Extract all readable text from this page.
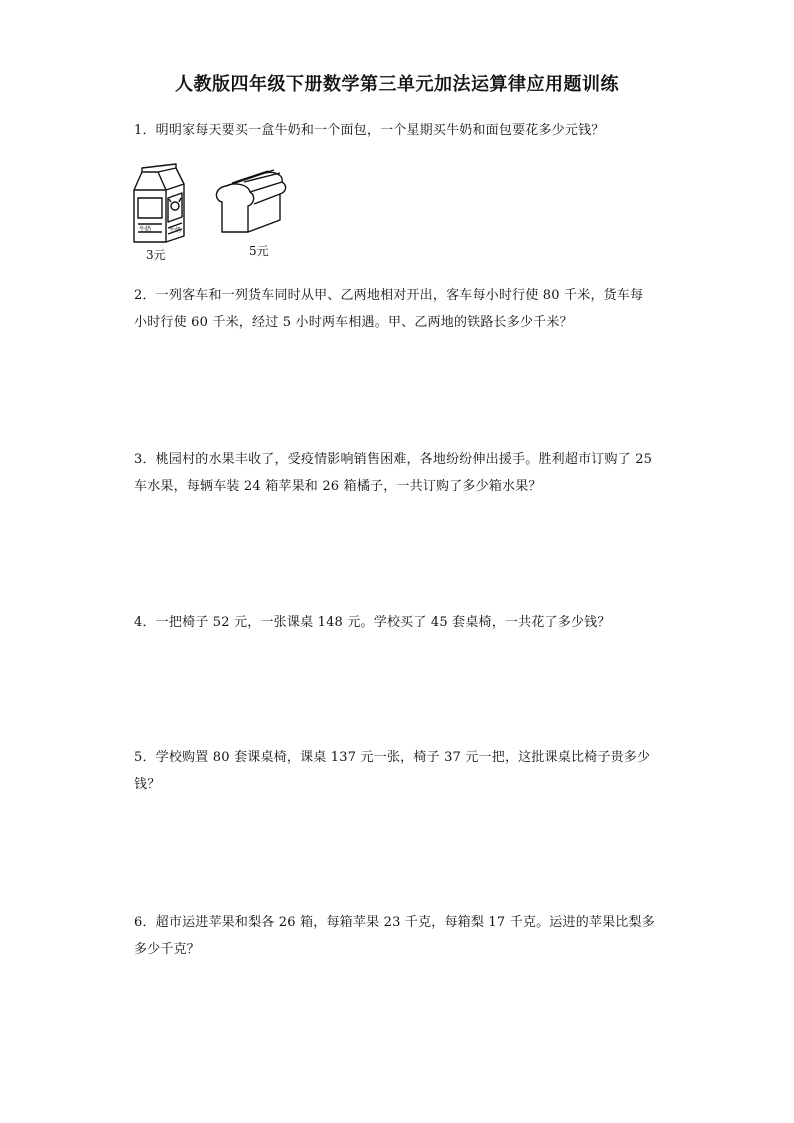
人教版四年级下册数学第三单元加法运算律应用题训练
1．明明家每天要买一盒牛奶和一个面包，一个星期买牛奶和面包要花多少元钱？
牛奶	牛奶
3元	5元
2．一列客车和一列货车同时从甲、乙两地相对开出，客车每小时行使 80 千米，货车每
小时行使 60 千米，经过 5 小时两车相遇。甲、乙两地的铁路长多少千米？
3．桃园村的水果丰收了，受疫情影响销售困难，各地纷纷伸出援手。胜利超市订购了 25
车水果，每辆车装 24 箱苹果和 26 箱橘子，一共订购了多少箱水果？
4．一把椅子 52 元，一张课桌 148 元。学校买了 45 套桌椅，一共花了多少钱？
5．学校购置 80 套课桌椅，课桌 137 元一张，椅子 37 元一把，这批课桌比椅子贵多少
钱？
6．超市运进苹果和梨各 26 箱，每箱苹果 23 千克，每箱梨 17 千克。运进的苹果比梨多
多少千克？
